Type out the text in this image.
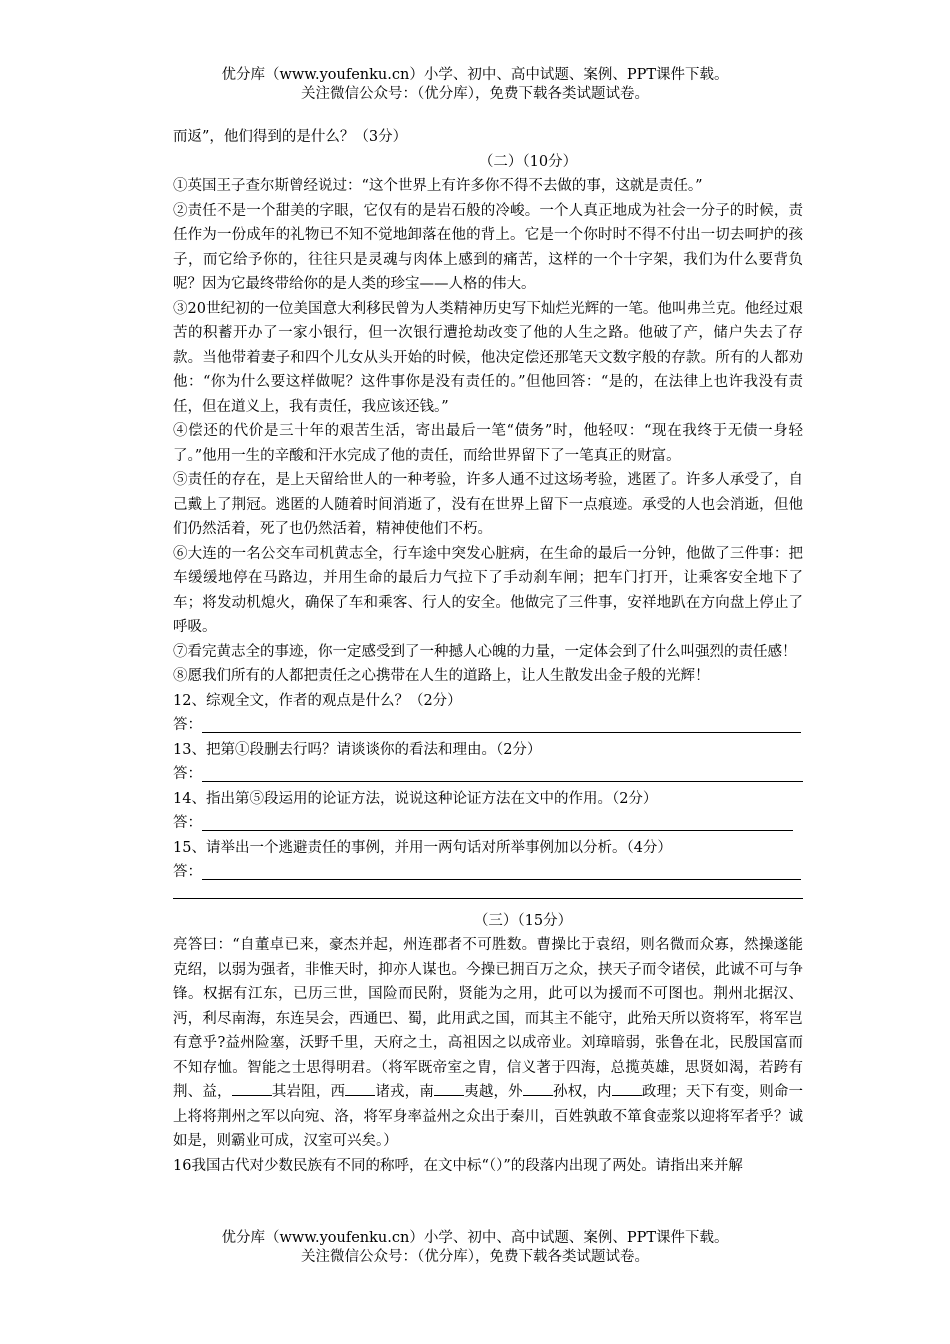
优分库（www.youfenku.cn）小学、初中、高中试题、案例、PPT课件下载。
关注微信公众号：（优分库），免费下载各类试题试卷。

而返”，他们得到的是什么？（3分）

（二）（10分）

①英国王子查尔斯曾经说过：“这个世界上有许多你不得不去做的事，这就是责任。”

②责任不是一个甜美的字眼，它仅有的是岩石般的冷峻。一个人真正地成为社会一分子的时候，责任作为一份成年的礼物已不知不觉地卸落在他的背上。它是一个你时时不得不付出一切去呵护的孩子，而它给予你的，往往只是灵魂与肉体上感到的痛苦，这样的一个十字架，我们为什么要背负呢？因为它最终带给你的是人类的珍宝——人格的伟大。

③20世纪初的一位美国意大利移民曾为人类精神历史写下灿烂光辉的一笔。他叫弗兰克。他经过艰苦的积蓄开办了一家小银行，但一次银行遭抢劫改变了他的人生之路。他破了产，储户失去了存款。当他带着妻子和四个儿女从头开始的时候，他决定偿还那笔天文数字般的存款。所有的人都劝他：“你为什么要这样做呢？这件事你是没有责任的。”但他回答：“是的，在法律上也许我没有责任，但在道义上，我有责任，我应该还钱。”

④偿还的代价是三十年的艰苦生活，寄出最后一笔“债务”时，他轻叹：“现在我终于无债一身轻了。”他用一生的辛酸和汗水完成了他的责任，而给世界留下了一笔真正的财富。

⑤责任的存在，是上天留给世人的一种考验，许多人通不过这场考验，逃匿了。许多人承受了，自己戴上了荆冠。逃匿的人随着时间消逝了，没有在世界上留下一点痕迹。承受的人也会消逝，但他们仍然活着，死了也仍然活着，精神使他们不朽。

⑥大连的一名公交车司机黄志全，行车途中突发心脏病，在生命的最后一分钟，他做了三件事：把车缓缓地停在马路边，并用生命的最后力气拉下了手动刹车闸；把车门打开，让乘客安全地下了车；将发动机熄火，确保了车和乘客、行人的安全。他做完了三件事，安祥地趴在方向盘上停止了呼吸。

⑦看完黄志全的事迹，你一定感受到了一种撼人心魄的力量，一定体会到了什么叫强烈的责任感！

⑧愿我们所有的人都把责任之心携带在人生的道路上，让人生散发出金子般的光辉！

12、综观全文，作者的观点是什么？（2分）

答：

13、把第①段删去行吗？请谈谈你的看法和理由。（2分）

答：

14、指出第⑤段运用的论证方法，说说这种论证方法在文中的作用。（2分）

答：

15、请举出一个逃避责任的事例，并用一两句话对所举事例加以分析。（4分）

答：

（三）（15分）

亮答曰：“自董卓已来，豪杰并起，州连郡者不可胜数。曹操比于袁绍，则名微而众寡，然操遂能克绍，以弱为强者，非惟天时，抑亦人谋也。今操已拥百万之众，挟天子而令诸侯，此诚不可与争锋。权据有江东，已历三世，国险而民附，贤能为之用，此可以为援而不可图也。荆州北据汉、沔，利尽南海，东连吴会，西通巴、蜀，此用武之国，而其主不能守，此殆天所以资将军，将军岂有意乎?益州险塞，沃野千里，天府之土，高祖因之以成帝业。刘璋暗弱，张鲁在北，民殷国富而不知存恤。智能之士思得明君。（将军既帝室之胄，信义著于四海，总揽英雄，思贤如渴，若跨有荆、益，	其岩阻，西 诸戎，南 夷越，外 孙权，内 政理；天下有变，则命一上将将荆州之军以向宛、洛，将军身率益州之众出于秦川，百姓孰敢不箪食壶浆以迎将军者乎？诚如是，则霸业可成，汉室可兴矣。）

16我国古代对少数民族有不同的称呼，在文中标“（）”的段落内出现了两处。请指出来并解

优分库（www.youfenku.cn）小学、初中、高中试题、案例、PPT课件下载。
关注微信公众号：（优分库），免费下载各类试题试卷。
